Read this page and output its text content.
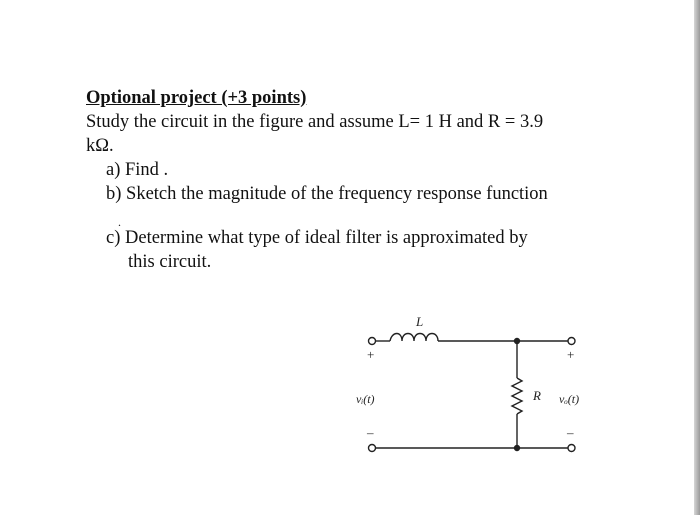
Optional project (+3 points)
Study the circuit in the figure and assume L= 1 H and R = 3.9
kΩ.
a) Find .
b) Sketch the magnitude of the frequency response function
.
c) Determine what type of ideal filter is approximated by
this circuit.
L
R
vᵢ(t)	vₒ(t)
+	+
–	–
